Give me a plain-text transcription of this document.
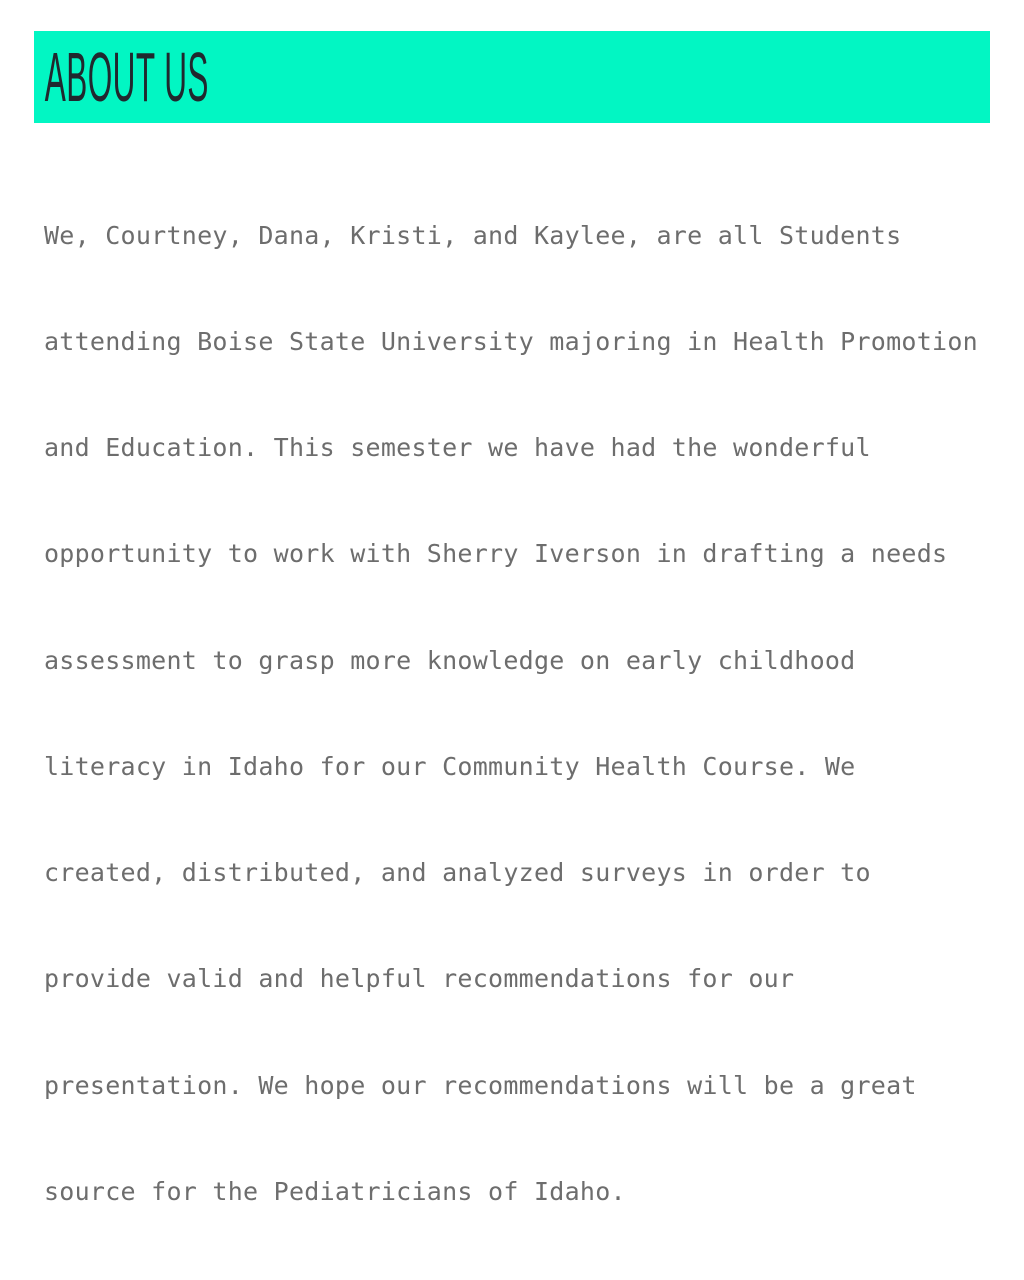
ABOUT US

We, Courtney, Dana, Kristi, and Kaylee, are all Students

attending Boise State University majoring in Health Promotion

and Education. This semester we have had the wonderful

opportunity to work with Sherry Iverson in drafting a needs

assessment to grasp more knowledge on early childhood

literacy in Idaho for our Community Health Course. We

created, distributed, and analyzed surveys in order to

provide valid and helpful recommendations for our

presentation. We hope our recommendations will be a great

source for the Pediatricians of Idaho.
